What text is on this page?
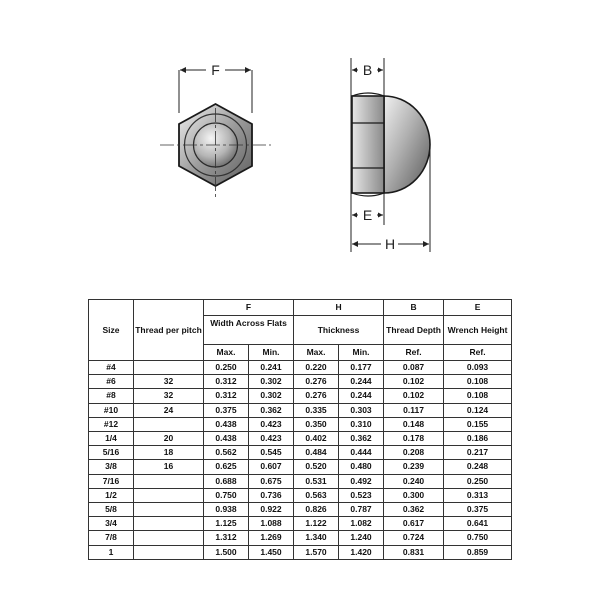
F	B
E
H
Size	Thread per pitch	F		H		B	E
		Width Across Flats		Thickness		Thread Depth	Wrench Height
		Max.	Min.	Max.	Min.	Ref.	Ref.
#4		0.250	0.241	0.220	0.177	0.087	0.093
#6	32	0.312	0.302	0.276	0.244	0.102	0.108
#8	32	0.312	0.302	0.276	0.244	0.102	0.108
#10	24	0.375	0.362	0.335	0.303	0.117	0.124
#12		0.438	0.423	0.350	0.310	0.148	0.155
1/4	20	0.438	0.423	0.402	0.362	0.178	0.186
5/16	18	0.562	0.545	0.484	0.444	0.208	0.217
3/8	16	0.625	0.607	0.520	0.480	0.239	0.248
7/16		0.688	0.675	0.531	0.492	0.240	0.250
1/2		0.750	0.736	0.563	0.523	0.300	0.313
5/8		0.938	0.922	0.826	0.787	0.362	0.375
3/4		1.125	1.088	1.122	1.082	0.617	0.641
7/8		1.312	1.269	1.340	1.240	0.724	0.750
1		1.500	1.450	1.570	1.420	0.831	0.859
